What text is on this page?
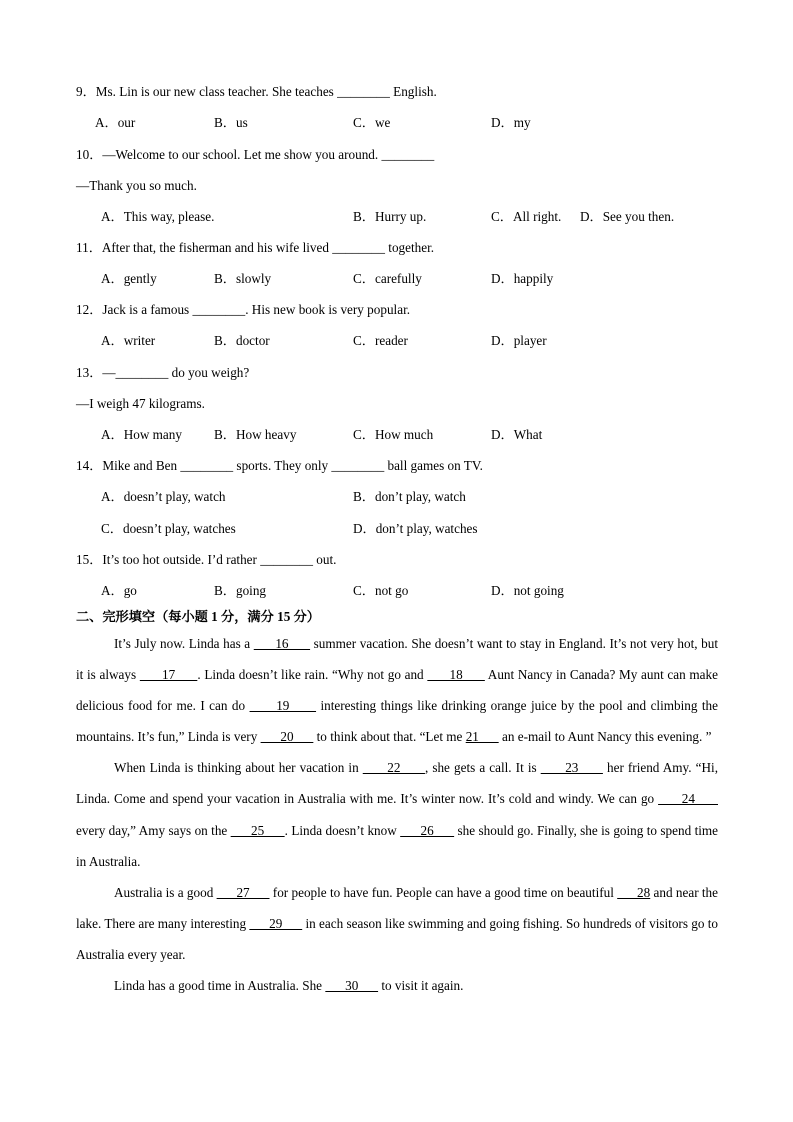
9．Ms. Lin is our new class teacher. She teaches ________ English.
A．our	B．us	C．we	D．my
10．—Welcome to our school. Let me show you around. ________
—Thank you so much.
A．This way, please.	B．Hurry up.	C．All right. D．See you then.
11．After that, the fisherman and his wife lived ________ together.
A．gently	B．slowly	C．carefully	D．happily
12．Jack is a famous ________. His new book is very popular.
A．writer	B．doctor	C．reader	D．player
13．—________ do you weigh?
—I weigh 47 kilograms.
A．How many B．How heavy	C．How much	D．What
14．Mike and Ben ________ sports. They only ________ ball games on TV.
A．doesn’t play, watch	B．don’t play, watch
C．doesn’t play, watches	D．don’t play, watches
15．It’s too hot outside. I’d rather ________ out.
A．go	B．going	C．not go	D．not going
二、完形填空（每小题 1 分，满分 15 分）

It’s July now. Linda has a       16       summer vacation. She doesn’t want to stay in England. It’s not very hot, but it is always       17      . Linda doesn’t like rain. “Why not go and       18       Aunt Nancy in Canada? My aunt can make delicious food for me. I can do       19       interesting things like drinking orange juice by the pool and climbing the mountains. It’s fun,” Linda is very       20       to think about that. “Let me 21       an e-mail to Aunt Nancy this evening. ”

When Linda is thinking about her vacation in       22      , she gets a call. It is       23       her friend Amy. “Hi, Linda. Come and spend your vacation in Australia with me. It’s winter now. It’s cold and windy. We can go       24       every day,” Amy says on the       25      . Linda doesn’t know       26       she should go. Finally, she is going to spend time in Australia.

Australia is a good       27       for people to have fun. People can have a good time on beautiful       28 and near the lake. There are many interesting       29       in each season like swimming and going fishing. So hundreds of visitors go to Australia every year.

Linda has a good time in Australia. She       30       to visit it again.
